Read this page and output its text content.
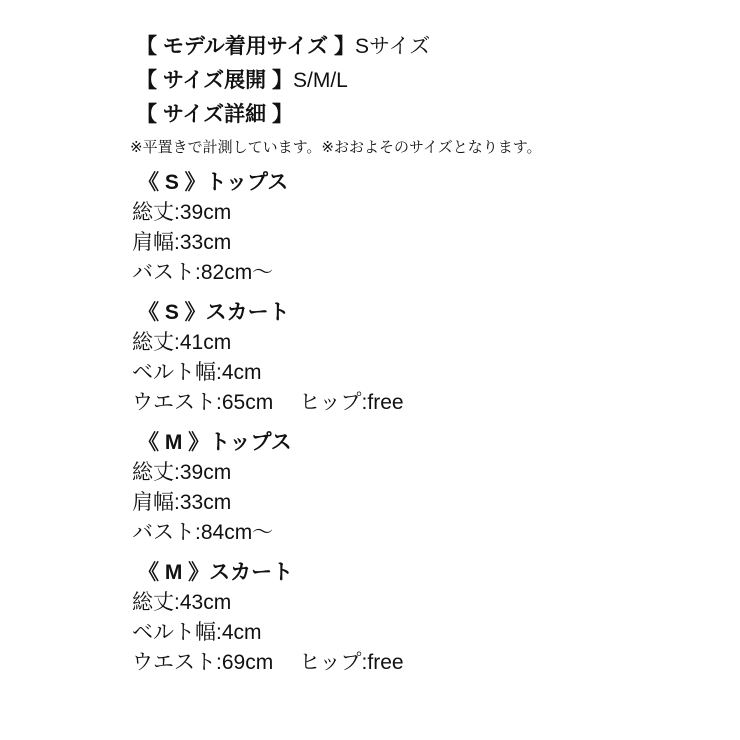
【 モデル着用サイズ 】Sサイズ
【 サイズ展開 】S/M/L
【 サイズ詳細 】
※平置きで計測しています。※おおよそのサイズとなります。
《 S 》トップス
総丈:39cm
肩幅:33cm
バスト:82cm〜
《 S 》スカート
総丈:41cm
ベルト幅:4cm
ウエスト:65cm ヒップ:free
《 M 》トップス
総丈:39cm
肩幅:33cm
バスト:84cm〜
《 M 》スカート
総丈:43cm
ベルト幅:4cm
ウエスト:69cm ヒップ:free
